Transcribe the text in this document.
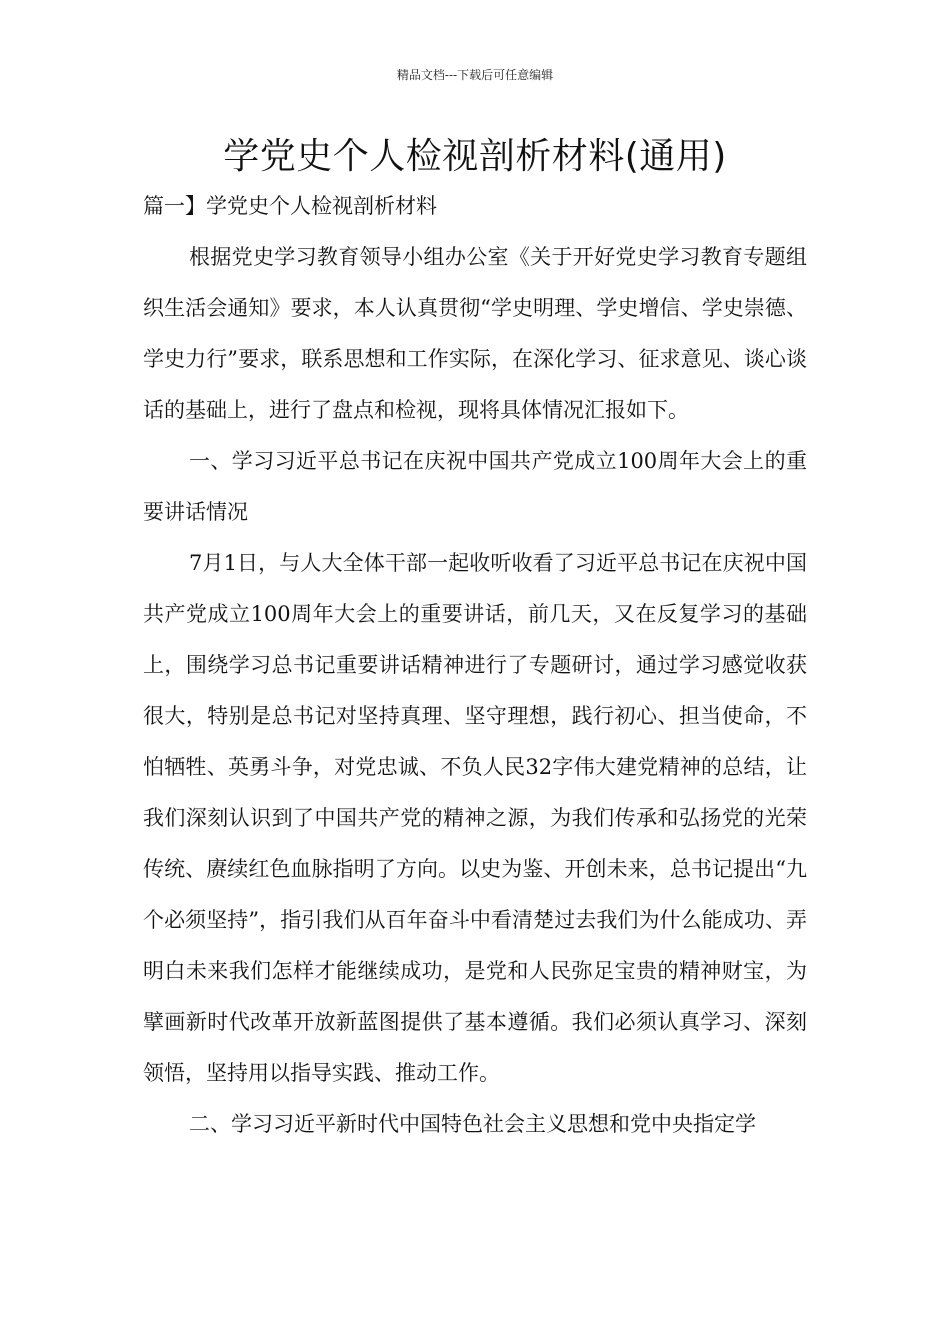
精品文档---下载后可任意编辑
学党史个人检视剖析材料(通用)

篇一】学党史个人检视剖析材料

根据党史学习教育领导小组办公室《关于开好党史学习教育专题组织生活会通知》要求，本人认真贯彻“学史明理、学史增信、学史崇德、学史力行”要求，联系思想和工作实际，在深化学习、征求意见、谈心谈话的基础上，进行了盘点和检视，现将具体情况汇报如下。

一、学习习近平总书记在庆祝中国共产党成立100周年大会上的重要讲话情况

7月1日，与人大全体干部一起收听收看了习近平总书记在庆祝中国共产党成立100周年大会上的重要讲话，前几天，又在反复学习的基础上，围绕学习总书记重要讲话精神进行了专题研讨，通过学习感觉收获很大，特别是总书记对坚持真理、坚守理想，践行初心、担当使命，不怕牺牲、英勇斗争，对党忠诚、不负人民32字伟大建党精神的总结，让我们深刻认识到了中国共产党的精神之源，为我们传承和弘扬党的光荣传统、赓续红色血脉指明了方向。以史为鉴、开创未来，总书记提出“九个必须坚持”，指引我们从百年奋斗中看清楚过去我们为什么能成功、弄明白未来我们怎样才能继续成功，是党和人民弥足宝贵的精神财宝，为擘画新时代改革开放新蓝图提供了基本遵循。我们必须认真学习、深刻领悟，坚持用以指导实践、推动工作。

二、学习习近平新时代中国特色社会主义思想和党中央指定学
